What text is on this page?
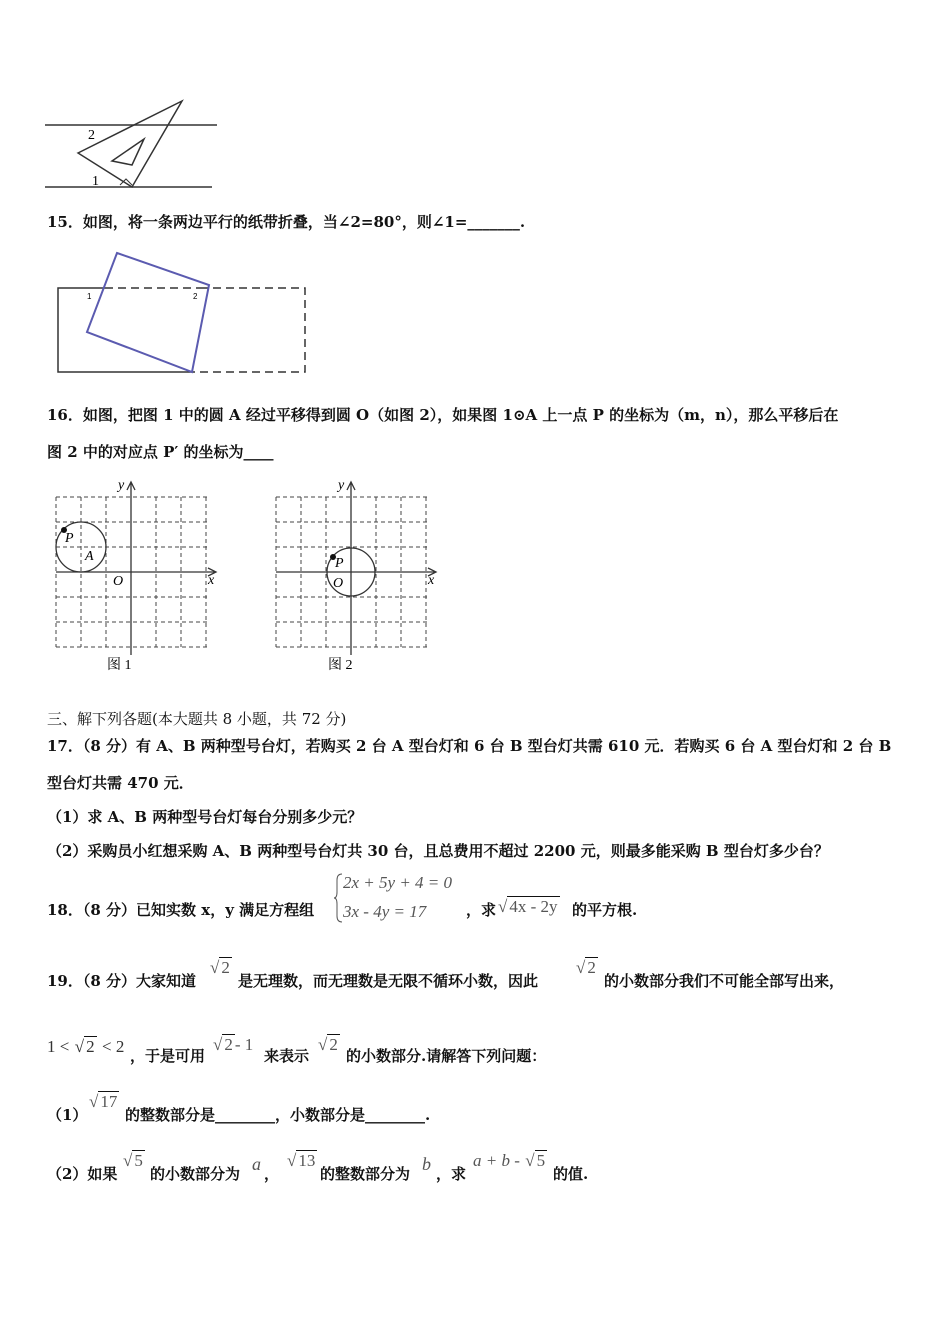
2
1
15．如图，将一条两边平行的纸带折叠，当∠2=80°，则∠1=_______.
1	2
16．如图，把图 1 中的圆 A 经过平移得到圆 O（如图 2），如果图 1⊙A 上一点 P 的坐标为（m，n），那么平移后在
图 2 中的对应点 P′ 的坐标为____
y
x
O
P
A
图 1
y
x
O
P
图 2
三、解下列各题(本大题共 8 小题，共 72 分)
17．（8 分）有 A、B 两种型号台灯，若购买 2 台 A 型台灯和 6 台 B 型台灯共需 610 元．若购买 6 台 A 型台灯和 2 台 B
型台灯共需 470 元．
（1）求 A、B 两种型号台灯每台分别多少元？
（2）采购员小红想采购 A、B 两种型号台灯共 30 台，且总费用不超过 2200 元，则最多能采购 B 型台灯多少台？
18．（8 分）已知实数 x，y 满足方程组
2x + 5y + 4 = 0
3x - 4y = 17	，求 √ 4x - 2y 的平方根.
19．（8 分）大家知道
√ 2
是无理数，而无理数是无限不循环小数，因此
√ 2
的小数部分我们不可能全部写出来，
1 < √ 2 < 2 ，于是可用
√ 2 - 1
来表示
√ 2
的小数部分.请解答下列问题：
（1）
√ 17
的整数部分是________，小数部分是________.
（2）如果
√ 5
的小数部分为 a ，
√ 13
的整数部分为 b ，求
a + b - √ 5
的值.
